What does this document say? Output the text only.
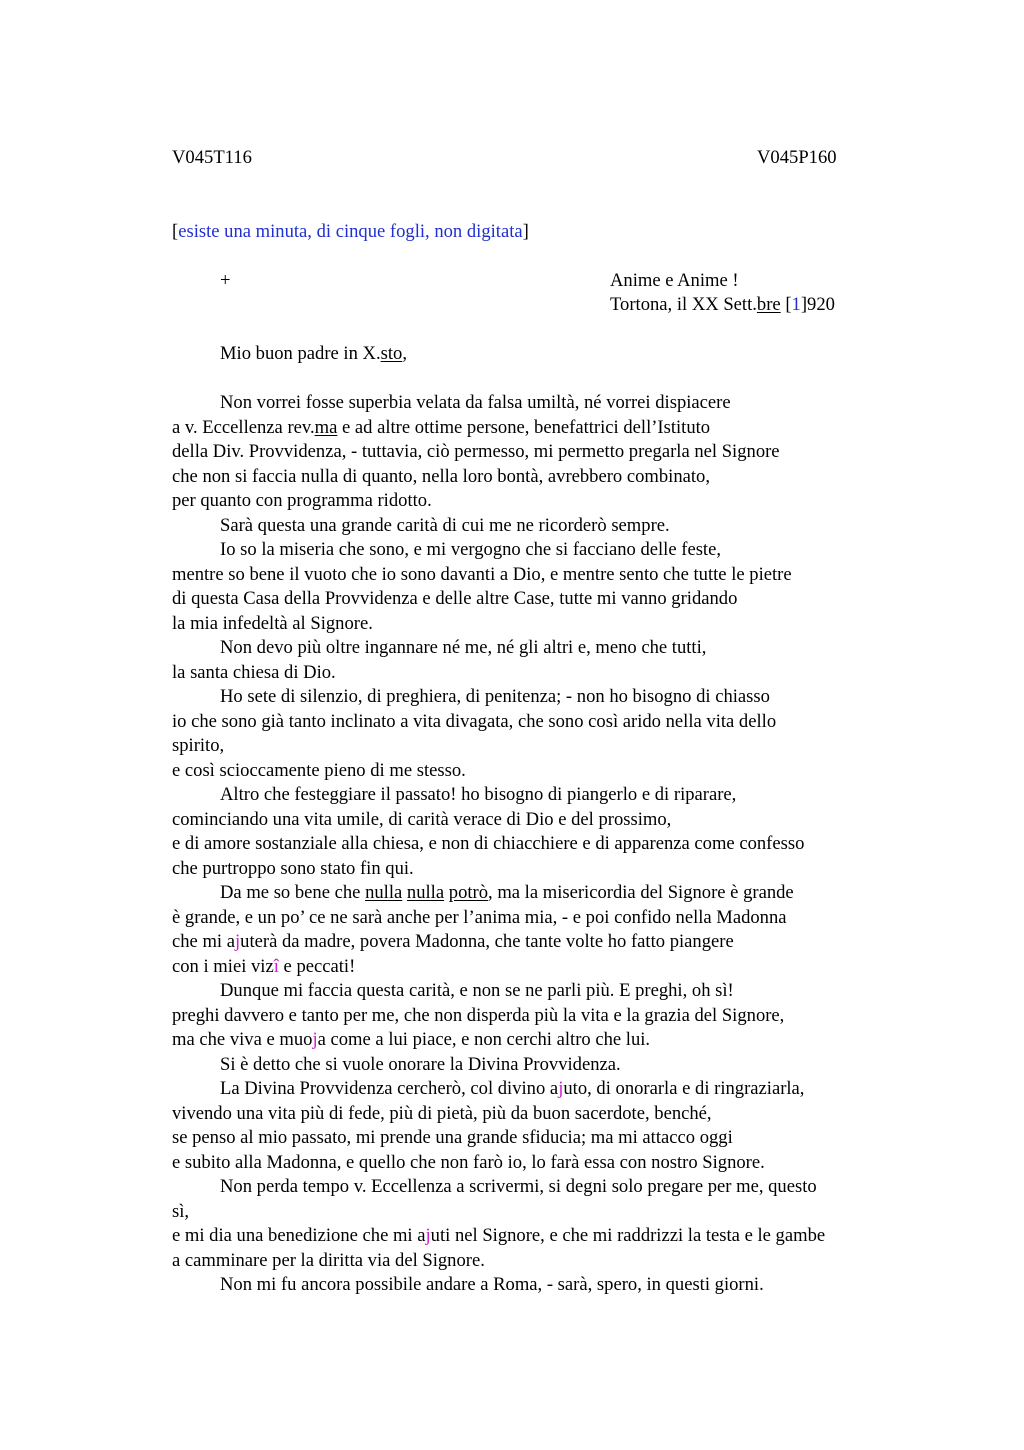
V045T116	V045P160
[esiste una minuta, di cinque fogli, non digitata]
+	Anime e Anime !
Tortona, il XX Sett.bre [1]920
Mio buon padre in X.sto,
Non vorrei fosse superbia velata da falsa umiltà, né vorrei dispiacere
a v. Eccellenza rev.ma e ad altre ottime persone, benefattrici dell’Istituto
della Div. Provvidenza, - tuttavia, ciò permesso, mi permetto pregarla nel Signore
che non si faccia nulla di quanto, nella loro bontà, avrebbero combinato,
per quanto con programma ridotto.
Sarà questa una grande carità di cui me ne ricorderò sempre.
Io so la miseria che sono, e mi vergogno che si facciano delle feste,
mentre so bene il vuoto che io sono davanti a Dio, e mentre sento che tutte le pietre
di questa Casa della Provvidenza e delle altre Case, tutte mi vanno gridando
la mia infedeltà al Signore.
Non devo più oltre ingannare né me, né gli altri e, meno che tutti,
la santa chiesa di Dio.
Ho sete di silenzio, di preghiera, di penitenza; - non ho bisogno di chiasso
io che sono già tanto inclinato a vita divagata, che sono così arido nella vita dello
spirito,
e così scioccamente pieno di me stesso.
Altro che festeggiare il passato! ho bisogno di piangerlo e di riparare,
cominciando una vita umile, di carità verace di Dio e del prossimo,
e di amore sostanziale alla chiesa, e non di chiacchiere e di apparenza come confesso
che purtroppo sono stato fin qui.
Da me so bene che nulla nulla potrò, ma la misericordia del Signore è grande
è grande, e un po’ ce ne sarà anche per l’anima mia, - e poi confido nella Madonna
che mi ajuterà da madre, povera Madonna, che tante volte ho fatto piangere
con i miei vizî e peccati!
Dunque mi faccia questa carità, e non se ne parli più. E preghi, oh sì!
preghi davvero e tanto per me, che non disperda più la vita e la grazia del Signore,
ma che viva e muoja come a lui piace, e non cerchi altro che lui.
Si è detto che si vuole onorare la Divina Provvidenza.
La Divina Provvidenza cercherò, col divino ajuto, di onorarla e di ringraziarla,
vivendo una vita più di fede, più di pietà, più da buon sacerdote, benché,
se penso al mio passato, mi prende una grande sfiducia; ma mi attacco oggi
e subito alla Madonna, e quello che non farò io, lo farà essa con nostro Signore.
Non perda tempo v. Eccellenza a scrivermi, si degni solo pregare per me, questo
sì,
e mi dia una benedizione che mi ajuti nel Signore, e che mi raddrizzi la testa e le gambe
a camminare per la diritta via del Signore.
Non mi fu ancora possibile andare a Roma, - sarà, spero, in questi giorni.
